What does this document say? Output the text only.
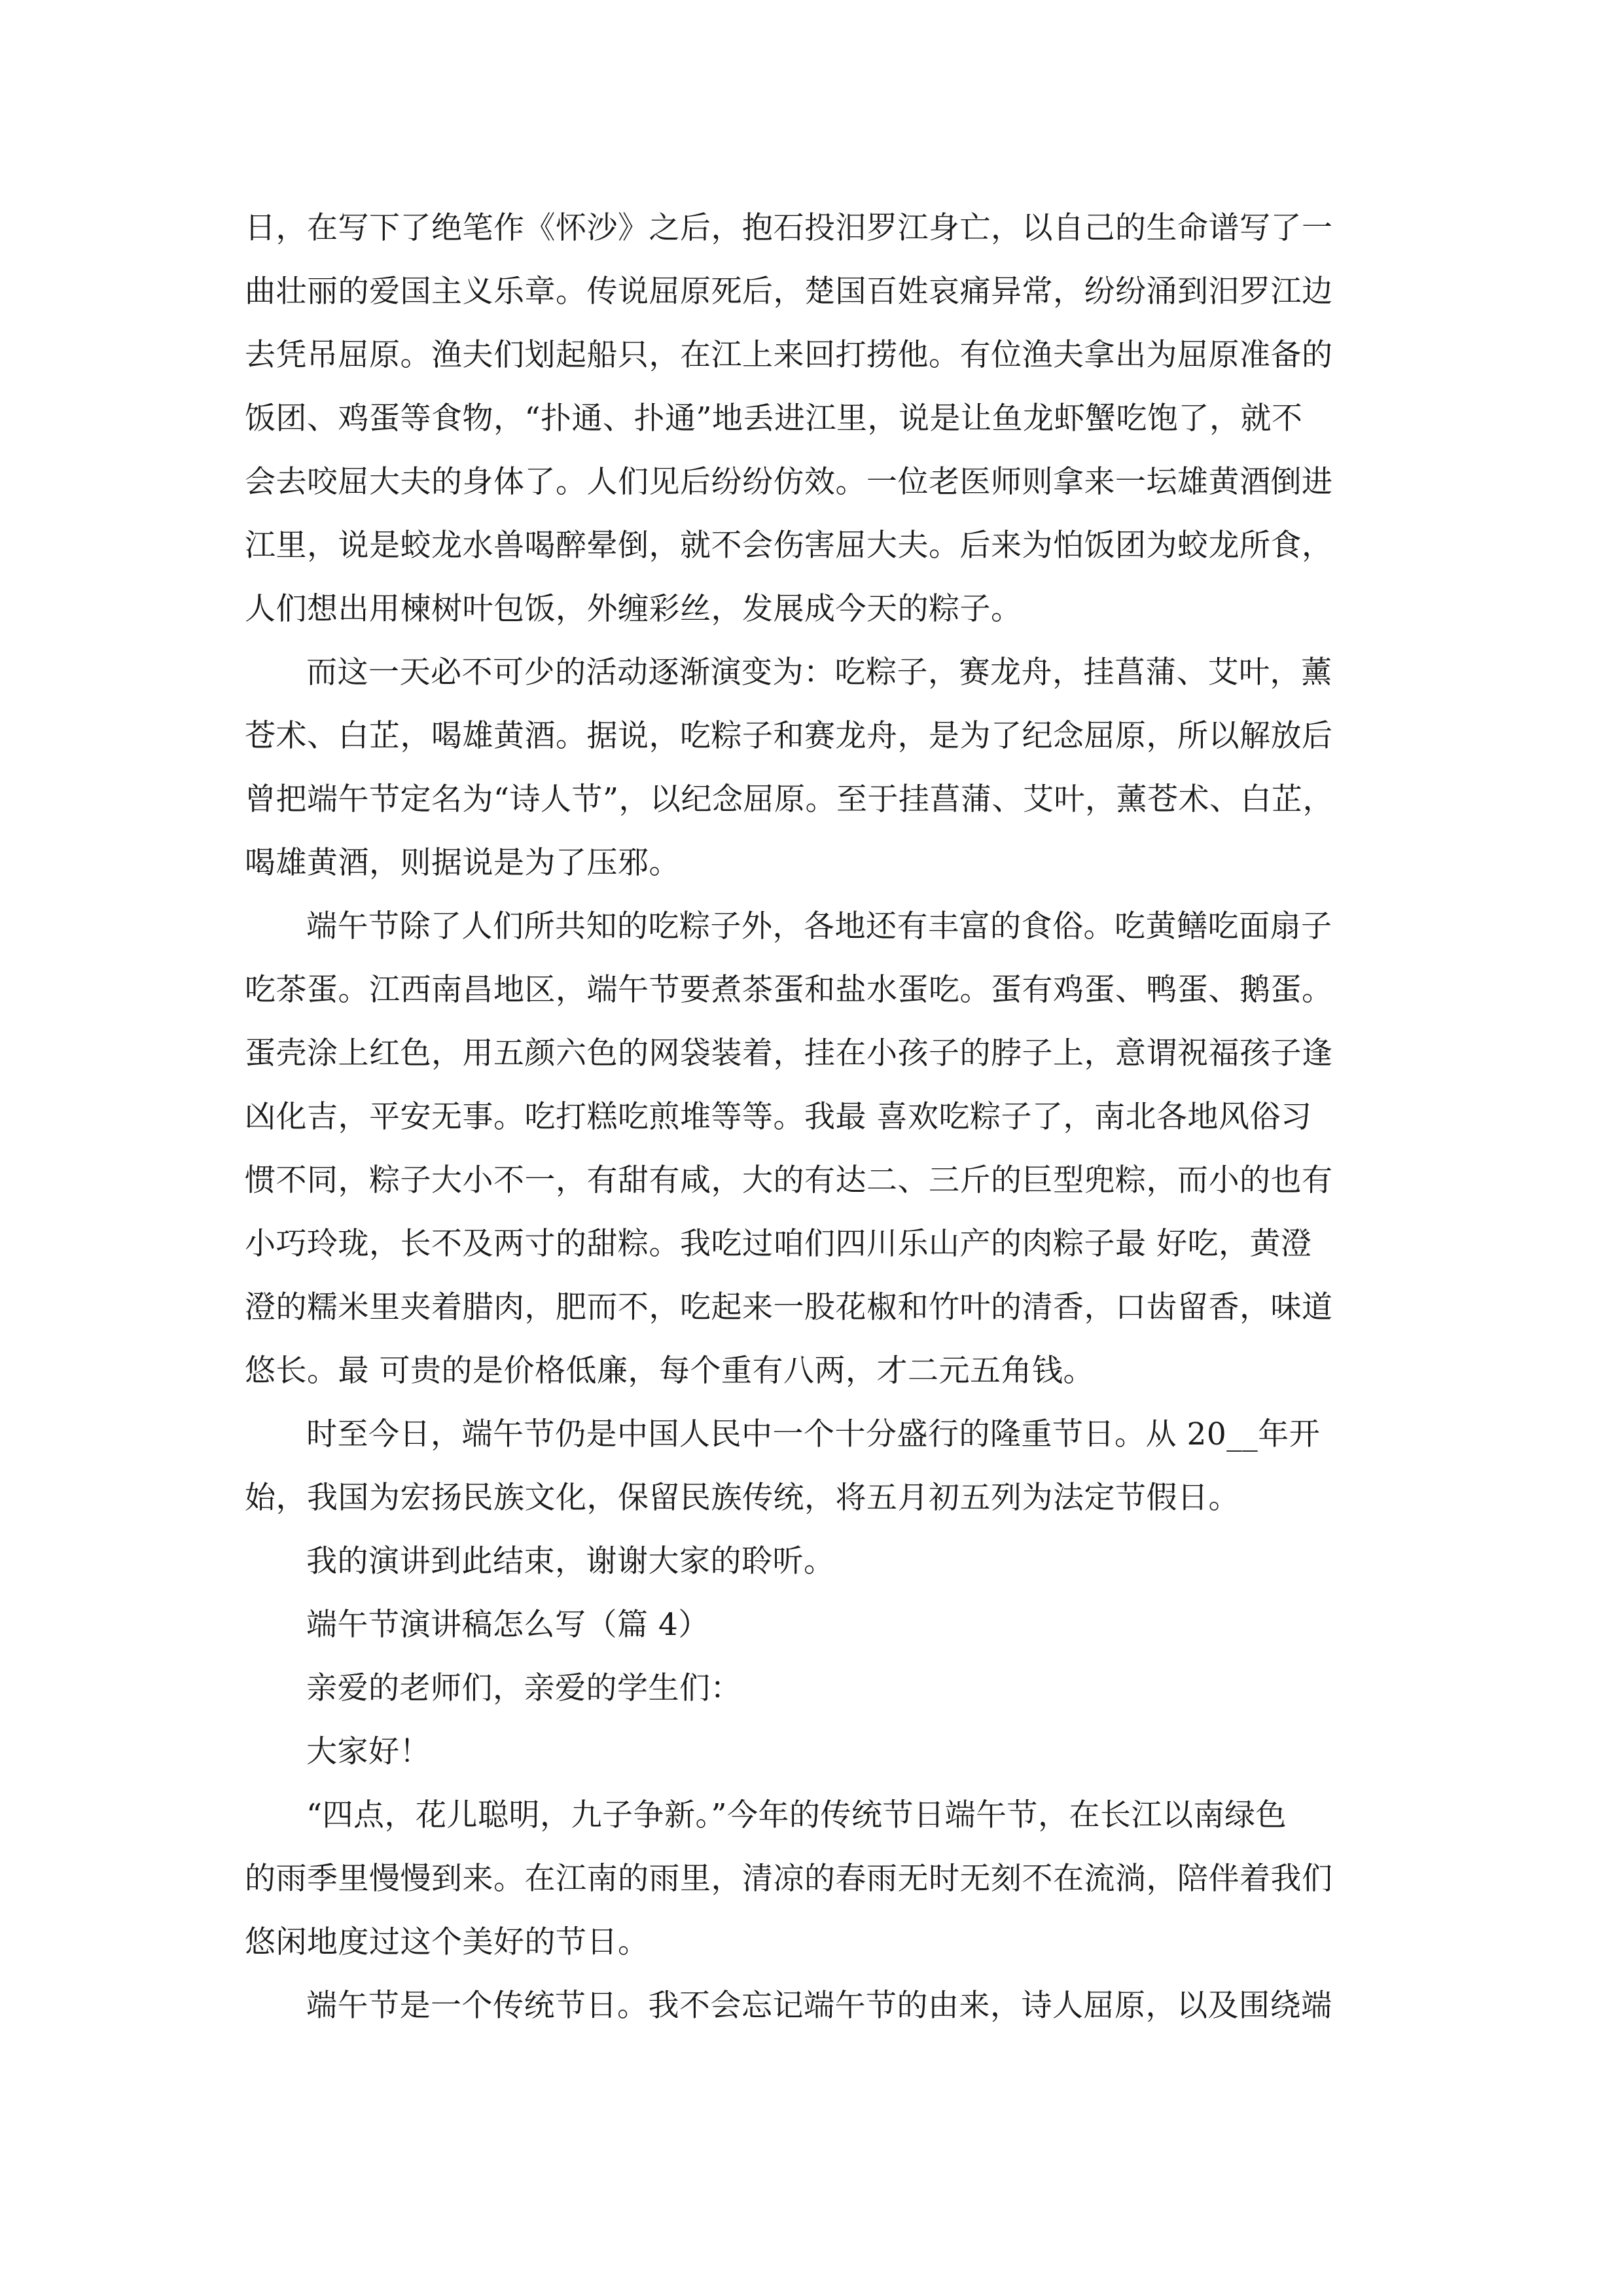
日，在写下了绝笔作《怀沙》之后，抱石投汨罗江身亡，以自己的生命谱写了一
曲壮丽的爱国主义乐章。传说屈原死后，楚国百姓哀痛异常，纷纷涌到汨罗江边
去凭吊屈原。渔夫们划起船只，在江上来回打捞他。有位渔夫拿出为屈原准备的
饭团、鸡蛋等食物，“扑通、扑通”地丢进江里，说是让鱼龙虾蟹吃饱了，就不
会去咬屈大夫的身体了。人们见后纷纷仿效。一位老医师则拿来一坛雄黄酒倒进
江里，说是蛟龙水兽喝醉晕倒，就不会伤害屈大夫。后来为怕饭团为蛟龙所食，
人们想出用楝树叶包饭，外缠彩丝，发展成今天的粽子。
而这一天必不可少的活动逐渐演变为：吃粽子，赛龙舟，挂菖蒲、艾叶，薰
苍术、白芷，喝雄黄酒。据说，吃粽子和赛龙舟，是为了纪念屈原，所以解放后
曾把端午节定名为“诗人节”，以纪念屈原。至于挂菖蒲、艾叶，薰苍术、白芷，
喝雄黄酒，则据说是为了压邪。
端午节除了人们所共知的吃粽子外，各地还有丰富的食俗。吃黄鳝吃面扇子
吃茶蛋。江西南昌地区，端午节要煮茶蛋和盐水蛋吃。蛋有鸡蛋、鸭蛋、鹅蛋。
蛋壳涂上红色，用五颜六色的网袋装着，挂在小孩子的脖子上，意谓祝福孩子逢
凶化吉，平安无事。吃打糕吃煎堆等等。我最 喜欢吃粽子了，南北各地风俗习
惯不同，粽子大小不一，有甜有咸，大的有达二、三斤的巨型兜粽，而小的也有
小巧玲珑，长不及两寸的甜粽。我吃过咱们四川乐山产的肉粽子最 好吃，黄澄
澄的糯米里夹着腊肉，肥而不，吃起来一股花椒和竹叶的清香，口齿留香，味道
悠长。最 可贵的是价格低廉，每个重有八两，才二元五角钱。
时至今日，端午节仍是中国人民中一个十分盛行的隆重节日。从 20__年开
始，我国为宏扬民族文化，保留民族传统，将五月初五列为法定节假日。
我的演讲到此结束，谢谢大家的聆听。
端午节演讲稿怎么写（篇 4）
亲爱的老师们，亲爱的学生们：
大家好！
“四点，花儿聪明，九子争新。”今年的传统节日端午节，在长江以南绿色
的雨季里慢慢到来。在江南的雨里，清凉的春雨无时无刻不在流淌，陪伴着我们
悠闲地度过这个美好的节日。
端午节是一个传统节日。我不会忘记端午节的由来，诗人屈原，以及围绕端
